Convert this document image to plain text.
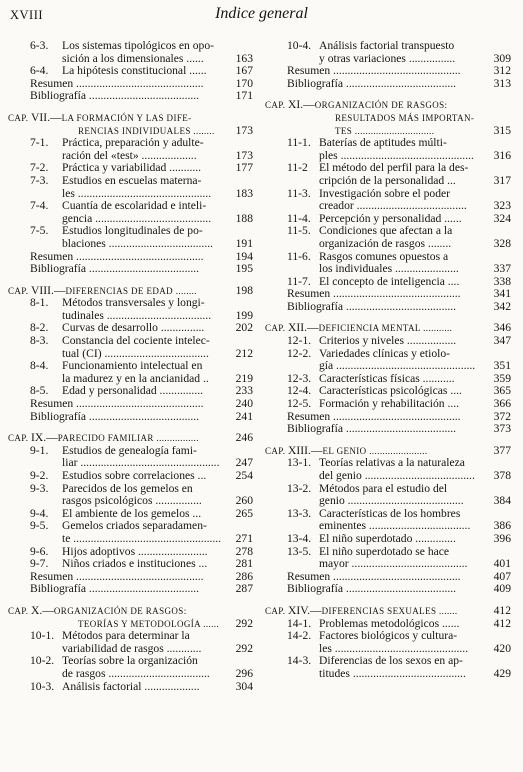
XVIII	Indice general
6-3.	Los sistemas tipológicos en opo-
sición a los dimensionales ......	163
6-4.	La hipótesis constitucional ......	167
Resumen ............................................	170
Bibliografía ......................................	171
CAP. VII.—LA FORMACIÓN Y LAS DIFE-
RENCIAS INDIVIDUALES ........	173
7-1.	Práctica, preparación y adulte-
ración del «test» ...................	173
7-2.	Práctica y variabilidad ...........	177
7-3.	Estudios en escuelas materna-
les ..............................................	183
7-4.	Cuantía de escolaridad e inteli-
gencia ........................................	188
7-5.	Estudios longitudinales de po-
blaciones ....................................	191
Resumen ............................................	194
Bibliografía ......................................	195
CAP. VIII.—DIFERENCIAS DE EDAD ........	198
8-1.	Métodos transversales y longi-
tudinales ....................................	199
8-2.	Curvas de desarrollo ...............	202
8-3.	Constancia del cociente intelec-
tual (CI) ....................................	212
8-4.	Funcionamiento intelectual en
la madurez y en la ancianidad ..	219
8-5.	Edad y personalidad ...............	233
Resumen ............................................	240
Bibliografía ......................................	241
CAP. IX.—PARECIDO FAMILIAR ................	246
9-1.	Estudios de genealogía fami-
liar ................................................	247
9-2.	Estudios sobre correlaciones ...	254
9-3.	Parecidos de los gemelos en
rasgos psicológicos ................	260
9-4.	El ambiente de los gemelos ...	265
9-5.	Gemelos criados separadamen-
te ...................................................	271
9-6.	Hijos adoptivos ........................	278
9-7.	Niños criados e instituciones ...	281
Resumen ............................................	286
Bibliografía ......................................	287
CAP. X.—ORGANIZACIÓN DE RASGOS:
TEORÍAS Y METODOLOGÍA ......	292
10-1. Métodos para determinar la
variabilidad de rasgos ............	292
10-2. Teorías sobre la organización
de rasgos ...................................	296
10-3. Análisis factorial ...................	304
10-4. Análisis factorial transpuesto
y otras variaciones ................	309
Resumen ............................................	312
Bibliografía ......................................	313
CAP. XI.—ORGANIZACIÓN DE RASGOS:
RESULTADOS MÁS IMPORTAN-
TES ..............................	315
11-1. Baterías de aptitudes múlti-
ples ..............................................	316
11-2 El método del perfil para la des-
cripción de la personalidad ...	317
11-3. Investigación sobre el poder
creador ......................................	323
11-4. Percepción y personalidad ......	324
11-5. Condiciones que afectan a la
organización de rasgos ........	328
11-6. Rasgos comunes opuestos a
los individuales ......................	337
11-7. El concepto de inteligencia ....	338
Resumen ............................................	341
Bibliografía ......................................	342
CAP. XII.—DEFICIENCIA MENTAL ...........	346
12-1. Criterios y niveles .................	347
12-2. Variedades clínicas y etiolo-
gía ................................................	351
12-3. Características físicas ...........	359
12-4. Características psicológicas ....	365
12-5. Formación y rehabilitación ....	366
Resumen ............................................	372
Bibliografía ......................................	373
CAP. XIII.—EL GENIO ......................	377
13-1. Teorías relativas a la naturaleza
del genio ......................................	378
13-2. Métodos para el estudio del
genio ........................................	384
13-3. Características de los hombres
eminentes ...................................	386
13-4. El niño superdotado ..............	396
13-5. El niño superdotado se hace
mayor ........................................	401
Resumen ............................................	407
Bibliografía ......................................	409
CAP. XIV.—DIFERENCIAS SEXUALES .......	412
14-1. Problemas metodológicos ......	412
14-2. Factores biológicos y cultura-
les ..............................................	420
14-3. Diferencias de los sexos en ap-
titudes .......................................	429
